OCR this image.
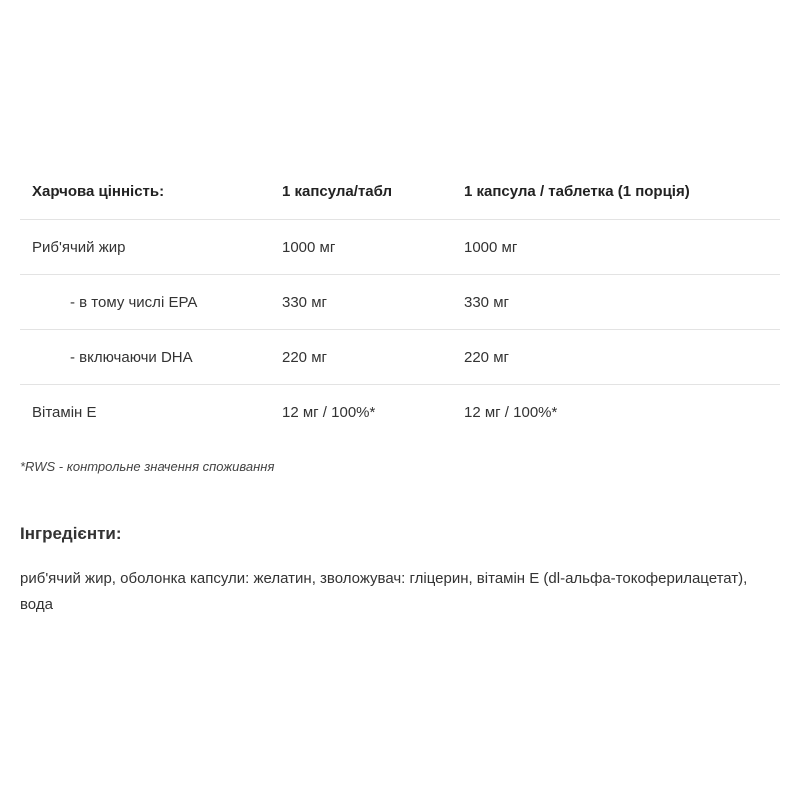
Харчова цінність:	1 капсула/табл	1 капсула / таблетка (1 порція)
Риб'ячий жир	1000 мг	1000 мг
- в тому числі EPA	330 мг	330 мг
- включаючи DHA	220 мг	220 мг
Вітамін Е	12 мг / 100%*	12 мг / 100%*
*RWS - контрольне значення споживання
Інгредієнти:

риб'ячий жир, оболонка капсули: желатин, зволожувач: гліцерин, вітамін Е (dl-альфа-токоферилацетат), вода
